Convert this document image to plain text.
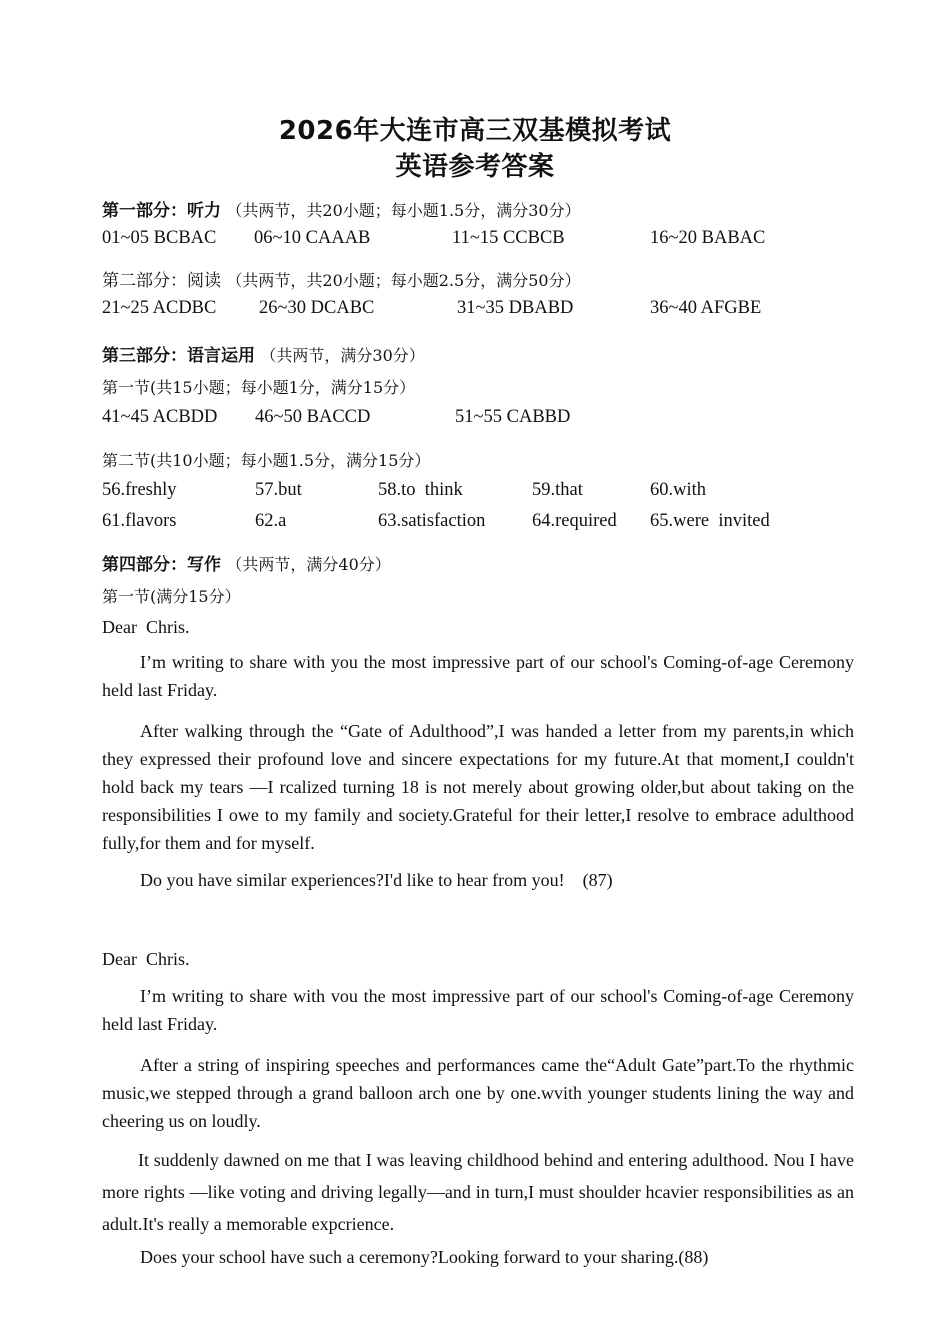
2026年大连市高三双基模拟考试
英语参考答案
第一部分：听力 （共两节，共20小题；每小题1.5分，满分30分）
01~05 BCBAC 06~10 CAAAB	11~15 CCBCB	16~20 BABAC
第二部分：阅读 （共两节，共20小题；每小题2.5分，满分50分）
21~25 ACDBC 26~30 DCABC	31~35 DBABD	36~40 AFGBE
第三部分：语言运用 （共两节，满分30分）
第一节(共15小题；每小题1分，满分15分）
41~45 ACBDD 46~50 BACCD	51~55 CABBD
第二节(共10小题；每小题1.5分，满分15分）
56.freshly	57.but	58.to  think	59.that	60.with
61.flavors	62.a	63.satisfaction	64.required 65.were  invited
第四部分：写作 （共两节，满分40分）
第一节(满分15分）
Dear  Chris.
I’m writing to share with you the most impressive part of our school's Coming-of-age Ceremony held last Friday.
After walking through the “Gate of Adulthood”,I was handed a letter from my parents,in which they expressed their profound love and sincere expectations for my future.At that moment,I couldn't hold back my tears —I rcalized turning 18 is not merely about growing older,but about taking on the responsibilities I owe to my family and society.Grateful for their letter,I resolve to embrace adulthood fully,for them and for myself.
Do you have similar experiences?I'd like to hear from you!    (87)
Dear  Chris.
I’m writing to share with vou the most impressive part of our school's Coming-of-age Ceremony held last Friday.
After a string of inspiring speeches and performances came the“Adult Gate”part.To the rhythmic music,we stepped through a grand balloon arch one by one.wvith younger students lining the way and cheering us on loudly.
It suddenly dawned on me that I was leaving childhood behind and entering adulthood. Nou I have more rights —like voting and driving legally—and in turn,I must shoulder hcavier responsibilities as an adult.It's really a memorable expcrience.
Does your school have such a ceremony?Looking forward to your sharing.(88)
